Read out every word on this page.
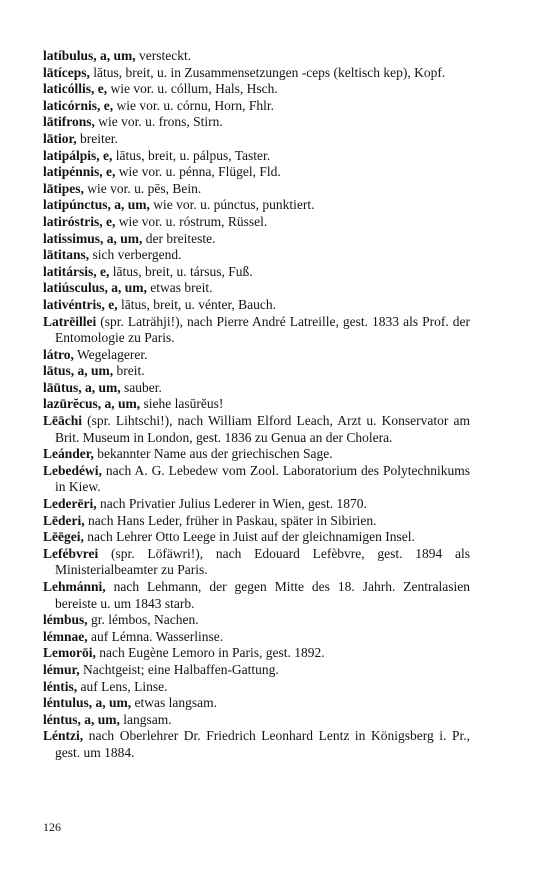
latíbulus, a, um, versteckt.

lātíceps, lātus, breit, u. in Zusammensetzungen -ceps (keltisch kep), Kopf.

laticóllis, e, wie vor. u. cóllum, Hals, Hsch.

laticórnis, e, wie vor. u. córnu, Horn, Fhlr.

lātifrons, wie vor. u. frons, Stirn.

lātior, breiter.

latipálpis, e, lātus, breit, u. pálpus, Taster.

latipénnis, e, wie vor. u. pénna, Flügel, Fld.

lātipes, wie vor. u. pēs, Bein.

latipúnctus, a, um, wie vor. u. púnctus, punktiert.

latiróstris, e, wie vor. u. róstrum, Rüssel.

latissimus, a, um, der breiteste.

lātitans, sich verbergend.

latitársis, e, lātus, breit, u. társus, Fuß.

latiúsculus, a, um, etwas breit.

lativéntris, e, lātus, breit, u. vénter, Bauch.

Latrēillei (spr. Laträhji!), nach Pierre André Latreille, gest. 1833 als Prof. der Entomologie zu Paris.

látro, Wegelagerer.

lātus, a, um, breit.

lāūtus, a, um, sauber.

lazūrĕcus, a, um, siehe lasūrĕus!

Lēāchi (spr. Lihtschi!), nach William Elford Leach, Arzt u. Konservator am Brit. Museum in London, gest. 1836 zu Genua an der Cholera.

Leánder, bekannter Name aus der griechischen Sage.

Lebedéwi, nach A. G. Lebedew vom Zool. Laboratorium des Polytechnikums in Kiew.

Lederēri, nach Privatier Julius Lederer in Wien, gest. 1870.

Lēderi, nach Hans Leder, früher in Paskau, später in Sibirien.

Lēēgei, nach Lehrer Otto Leege in Juist auf der gleichnamigen Insel.

Lefébvrei (spr. Löfäwri!), nach Edouard Lefèbvre, gest. 1894 als Ministerialbeamter zu Paris.

Lehmánni, nach Lehmann, der gegen Mitte des 18. Jahrh. Zentralasien bereiste u. um 1843 starb.

lémbus, gr. lémbos, Nachen.

lémnae, auf Lémna. Wasserlinse.

Lemorōi, nach Eugène Lemoro in Paris, gest. 1892.

lémur, Nachtgeist; eine Halbaffen-Gattung.

léntis, auf Lens, Linse.

léntulus, a, um, etwas langsam.

léntus, a, um, langsam.

Léntzi, nach Oberlehrer Dr. Friedrich Leonhard Lentz in Königsberg i. Pr., gest. um 1884.

126
